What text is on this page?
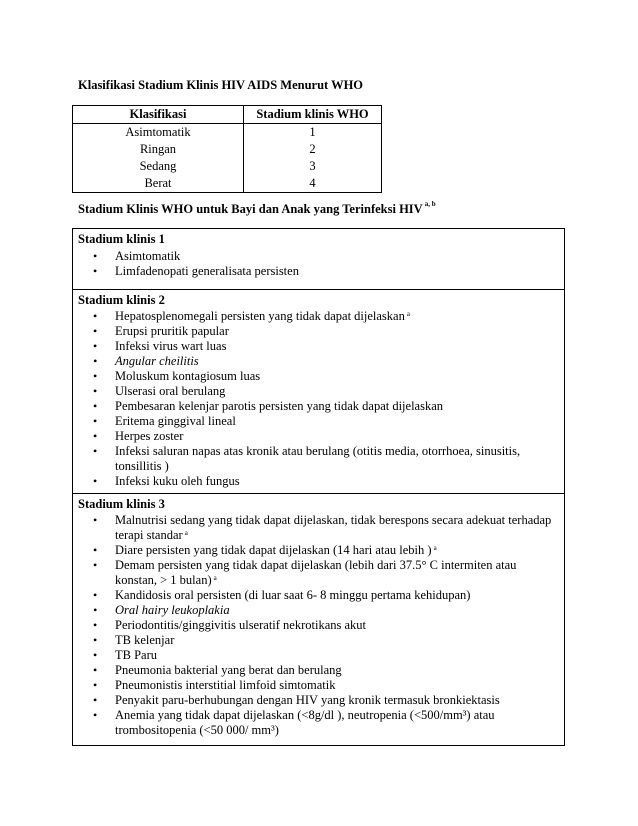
Klasifikasi Stadium Klinis HIV AIDS Menurut WHO
Klasifikasi	Stadium klinis WHO
Asimtomatik	1
Ringan	2
Sedang	3
Berat	4
Stadium Klinis WHO untuk Bayi dan Anak yang Terinfeksi HIV $^{a, b}$
Stadium klinis 1
• Asimtomatik
• Limfadenopati generalisata persisten
Stadium klinis 2
• Hepatosplenomegali persisten yang tidak dapat dijelaskan $^a$
• Erupsi pruritik papular
• Infeksi virus wart luas
• Angular cheilitis
• Moluskum kontagiosum luas
• Ulserasi oral berulang
• Pembesaran kelenjar parotis persisten yang tidak dapat dijelaskan
• Eritema ginggival lineal
• Herpes zoster
• Infeksi saluran napas atas kronik atau berulang (otitis media, otorrhoea, sinusitis, tonsillitis )
• Infeksi kuku oleh fungus
Stadium klinis 3
• Malnutrisi sedang yang tidak dapat dijelaskan, tidak berespons secara adekuat terhadap terapi standar $^a$
• Diare persisten yang tidak dapat dijelaskan (14 hari atau lebih ) $^a$
• Demam persisten yang tidak dapat dijelaskan (lebih dari 37.5° C intermiten atau konstan, > 1 bulan) $^a$
• Kandidosis oral persisten (di luar saat 6- 8 minggu pertama kehidupan)
• Oral hairy leukoplakia
• Periodontitis/ginggivitis ulseratif nekrotikans akut
• TB kelenjar
• TB Paru
• Pneumonia bakterial yang berat dan berulang
• Pneumonistis interstitial limfoid simtomatik
• Penyakit paru-berhubungan dengan HIV yang kronik termasuk bronkiektasis
• Anemia yang tidak dapat dijelaskan (<8g/dl ), neutropenia (<500/mm³) atau trombositopenia (<50 000/ mm³)
